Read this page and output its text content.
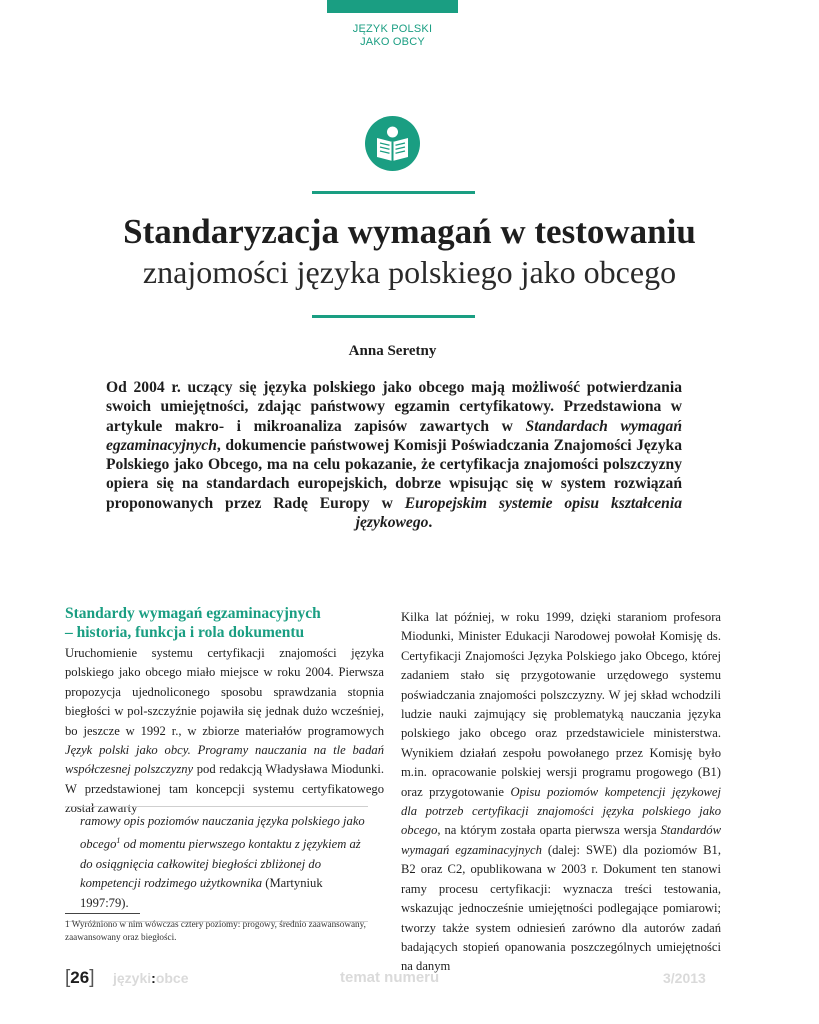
JĘZYK POLSKI
JAKO OBCY
Standaryzacja wymagań w testowaniu
znajomości języka polskiego jako obcego
Anna Seretny

Od 2004 r. uczący się języka polskiego jako obcego mają możliwość potwierdzania swoich umiejętności, zdając państwowy egzamin certyfikatowy. Przedstawiona w artykule makro- i mikroanaliza zapisów zawartych w Standardach wymagań egzaminacyjnych, dokumencie państwowej Komisji Poświadczania Znajomości Języka Polskiego jako Obcego, ma na celu pokazanie, że certyfikacja znajomości polszczyzny opiera się na standardach europejskich, dobrze wpisując się w system rozwiązań proponowanych przez Radę Europy w Europejskim systemie opisu kształcenia językowego.

Standardy wymagań egzaminacyjnych
– historia, funkcja i rola dokumentu

Uruchomienie systemu certyfikacji znajomości języka polskiego jako obcego miało miejsce w roku 2004. Pierwsza propozycja ujednoliconego sposobu sprawdzania stopnia biegłości w pol-szczyźnie pojawiła się jednak dużo wcześniej, bo jeszcze w 1992 r., w zbiorze materiałów programowych Język polski jako obcy. Programy nauczania na tle badań współczesnej polszczyzny pod redakcją Władysława Miodunki. W przedstawionej tam koncepcji systemu certyfikatowego został zawarty

ramowy opis poziomów nauczania języka polskiego jako obcego$^1$ od momentu pierwszego kontaktu z językiem aż do osiągnięcia całkowitej biegłości zbliżonej do kompetencji rodzimego użytkownika (Martyniuk 1997:79).

1 Wyróżniono w nim wówczas cztery poziomy: progowy, średnio zaawansowany, zaawansowany oraz biegłości.

Kilka lat później, w roku 1999, dzięki staraniom profesora Miodunki, Minister Edukacji Narodowej powołał Komisję ds. Certyfikacji Znajomości Języka Polskiego jako Obcego, której zadaniem stało się przygotowanie urzędowego systemu poświadczania znajomości polszczyzny. W jej skład wchodzili ludzie nauki zajmujący się problematyką nauczania języka polskiego jako obcego oraz przedstawiciele ministerstwa. Wynikiem działań zespołu powołanego przez Komisję było m.in. opracowanie polskiej wersji programu progowego (B1) oraz przygotowanie Opisu poziomów kompetencji językowej dla potrzeb certyfikacji znajomości języka polskiego jako obcego, na którym została oparta pierwsza wersja Standardów wymagań egzaminacyjnych (dalej: SWE) dla poziomów B1, B2 oraz C2, opublikowana w 2003 r. Dokument ten stanowi ramy procesu certyfikacji: wyznacza treści testowania, wskazując jednocześnie umiejętności podlegające pomiarowi; tworzy także system odniesień zarówno dla autorów zadań badających stopień opanowania poszczególnych umiejętności na danym

[26] języki:obce	temat numeru	3/2013
